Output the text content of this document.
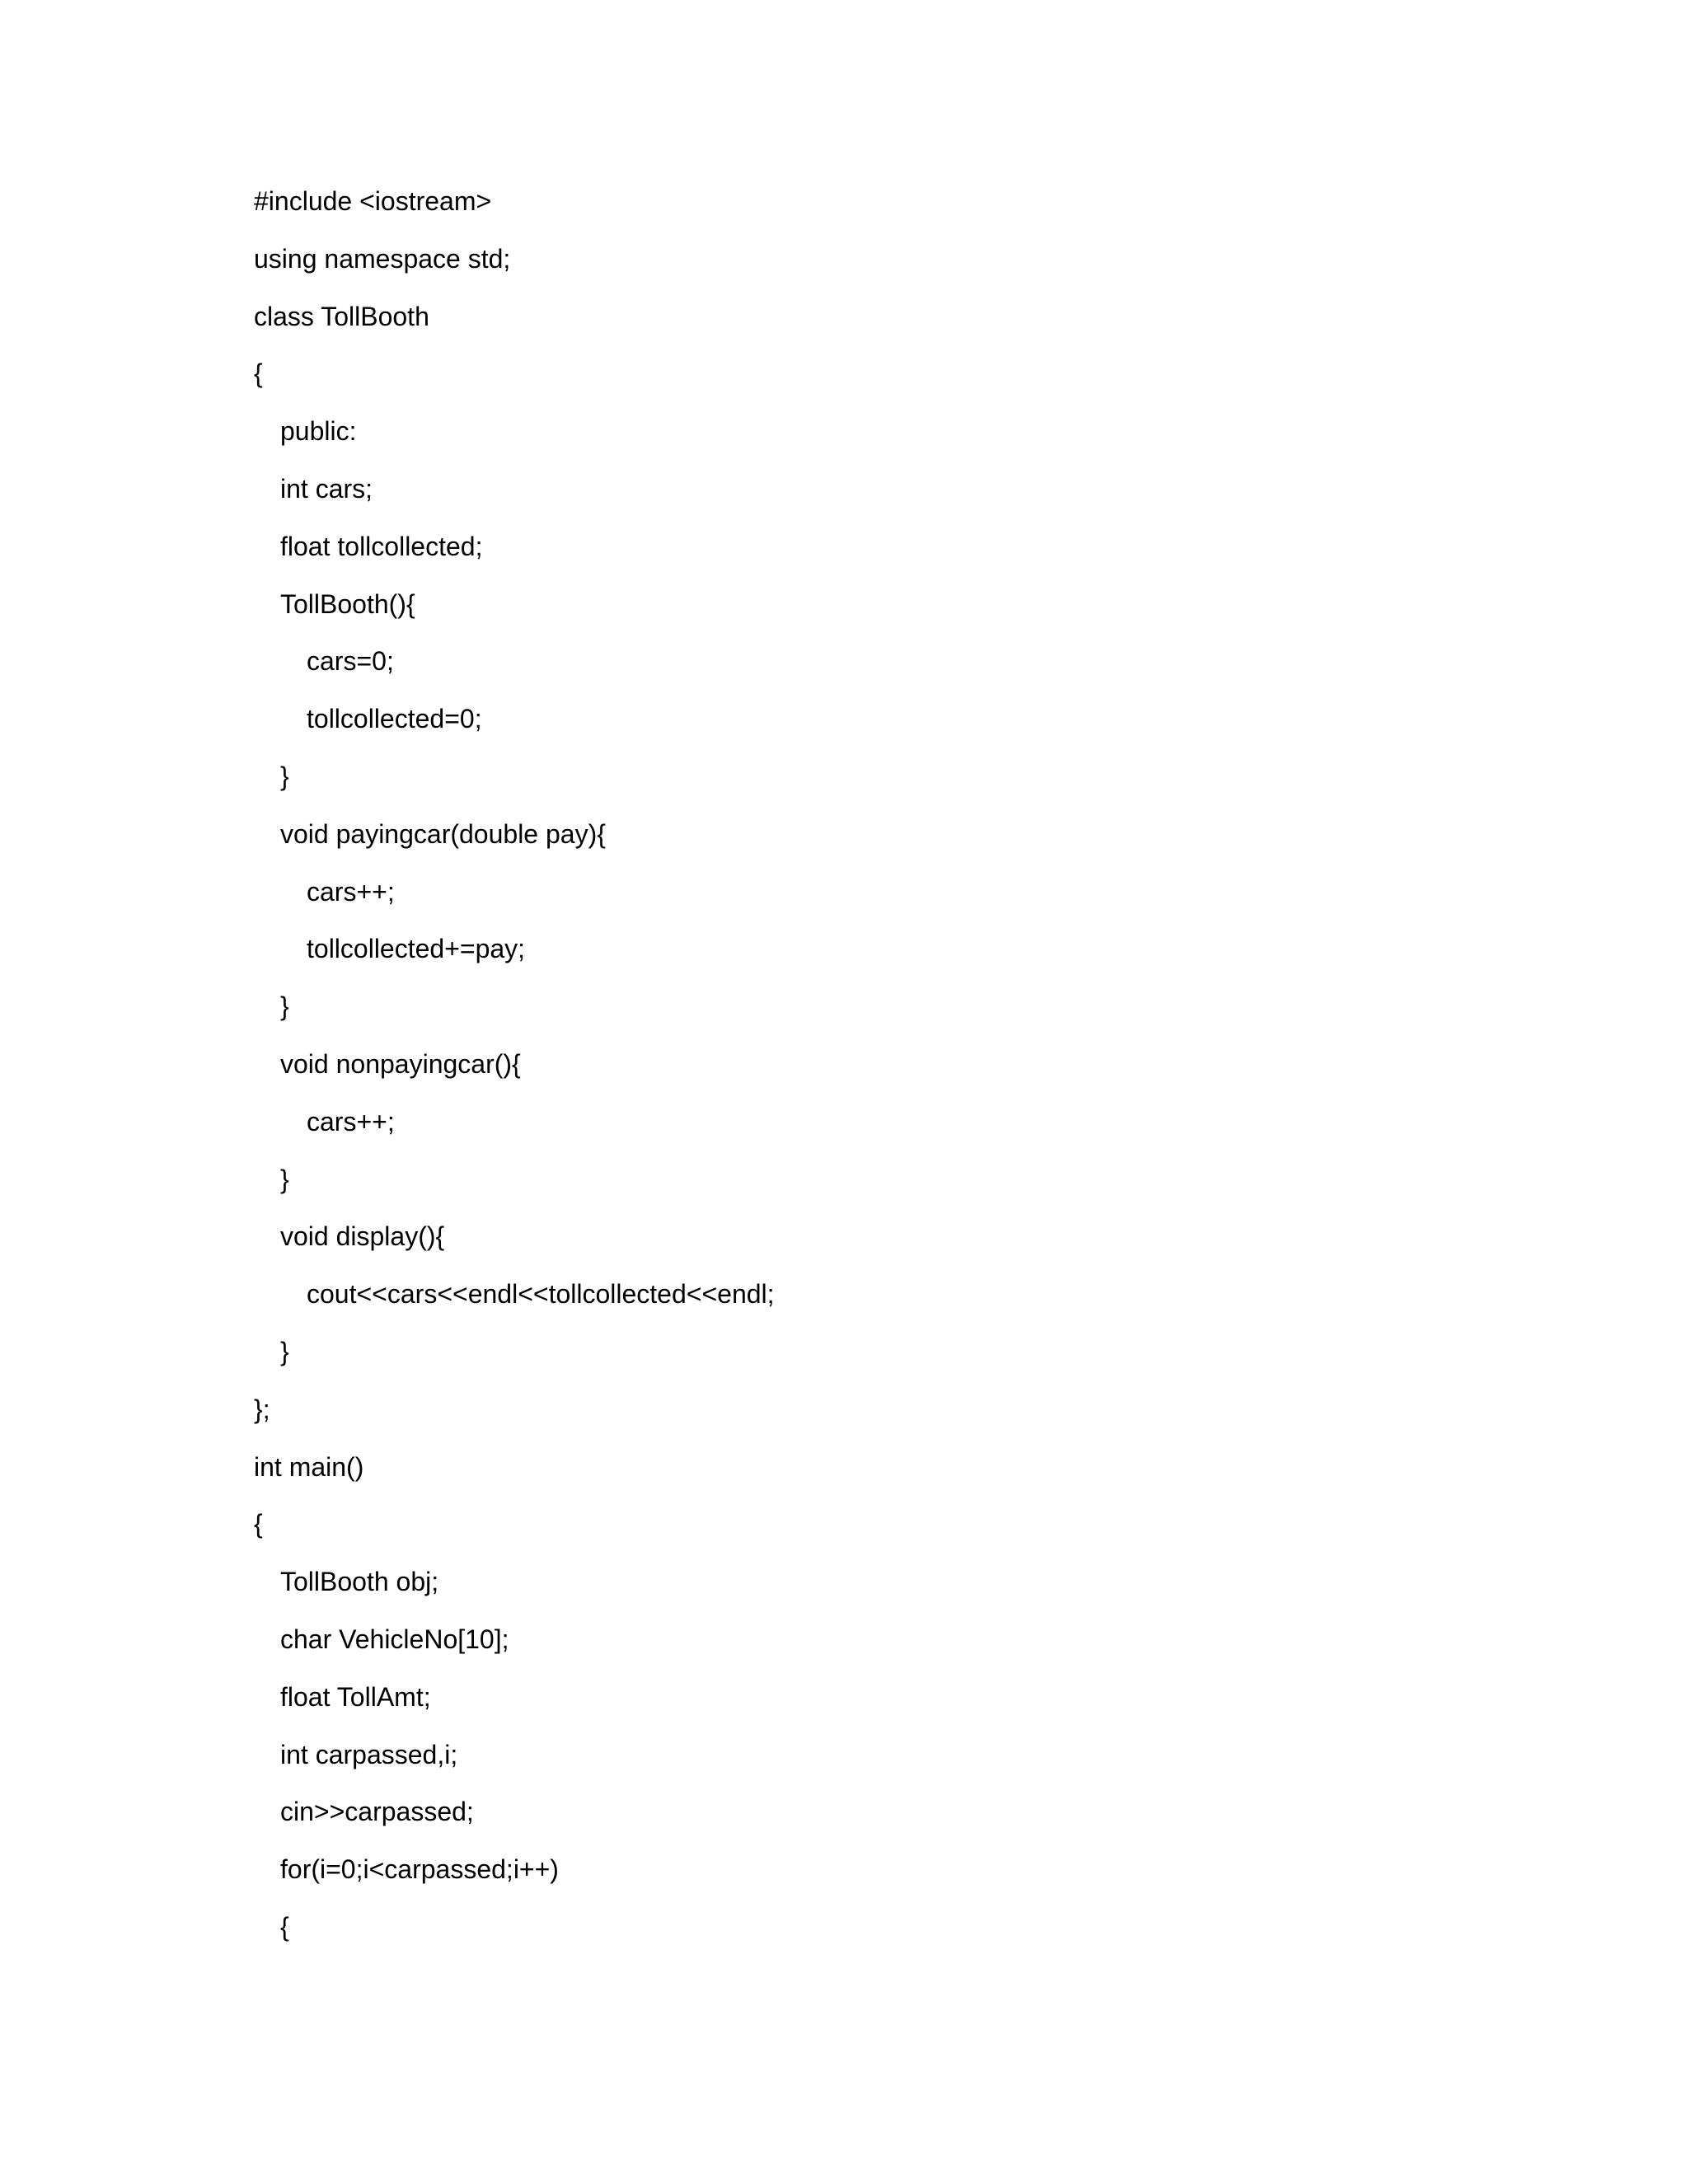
#include <iostream>
using namespace std;
class TollBooth
{
public:
int cars;
float tollcollected;
TollBooth(){
cars=0;
tollcollected=0;
}
void payingcar(double pay){
cars++;
tollcollected+=pay;
}
void nonpayingcar(){
cars++;
}
void display(){
cout<<cars<<endl<<tollcollected<<endl;
}
};
int main()
{
TollBooth obj;
char VehicleNo[10];
float TollAmt;
int carpassed,i;
cin>>carpassed;
for(i=0;i<carpassed;i++)
{
